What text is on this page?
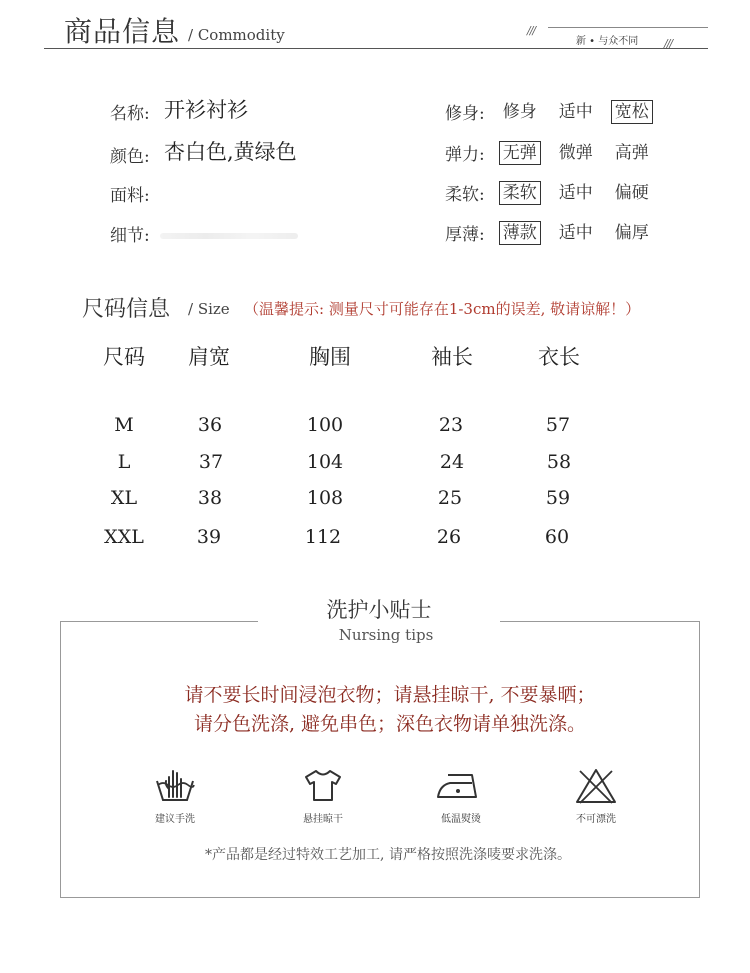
商品信息 / Commodity	///
新 • 与众不同 ///
名称: 开衫衬衫
颜色: 杏白色,黄绿色
面料:
细节:
修身: 修身 适中 宽松
弹力: 无弹 微弹 高弹
柔软: 柔软 适中 偏硬
厚薄: 薄款 适中 偏厚
尺码信息 / Size （温馨提示: 测量尺寸可能存在1-3cm的误差, 敬请谅解！）
尺码 肩宽	胸围	袖长	衣长
M	36	100	23	57
L	37	104	24	58
XL	38	108	25	59
XXL	39	112	26	60
洗护小贴士
Nursing tips
请不要长时间浸泡衣物；请悬挂晾干, 不要暴晒；
请分色洗涤, 避免串色；深色衣物请单独洗涤。
建议手洗	悬挂晾干	低温熨烫	不可漂洗
*产品都是经过特效工艺加工, 请严格按照洗涤唛要求洗涤。
